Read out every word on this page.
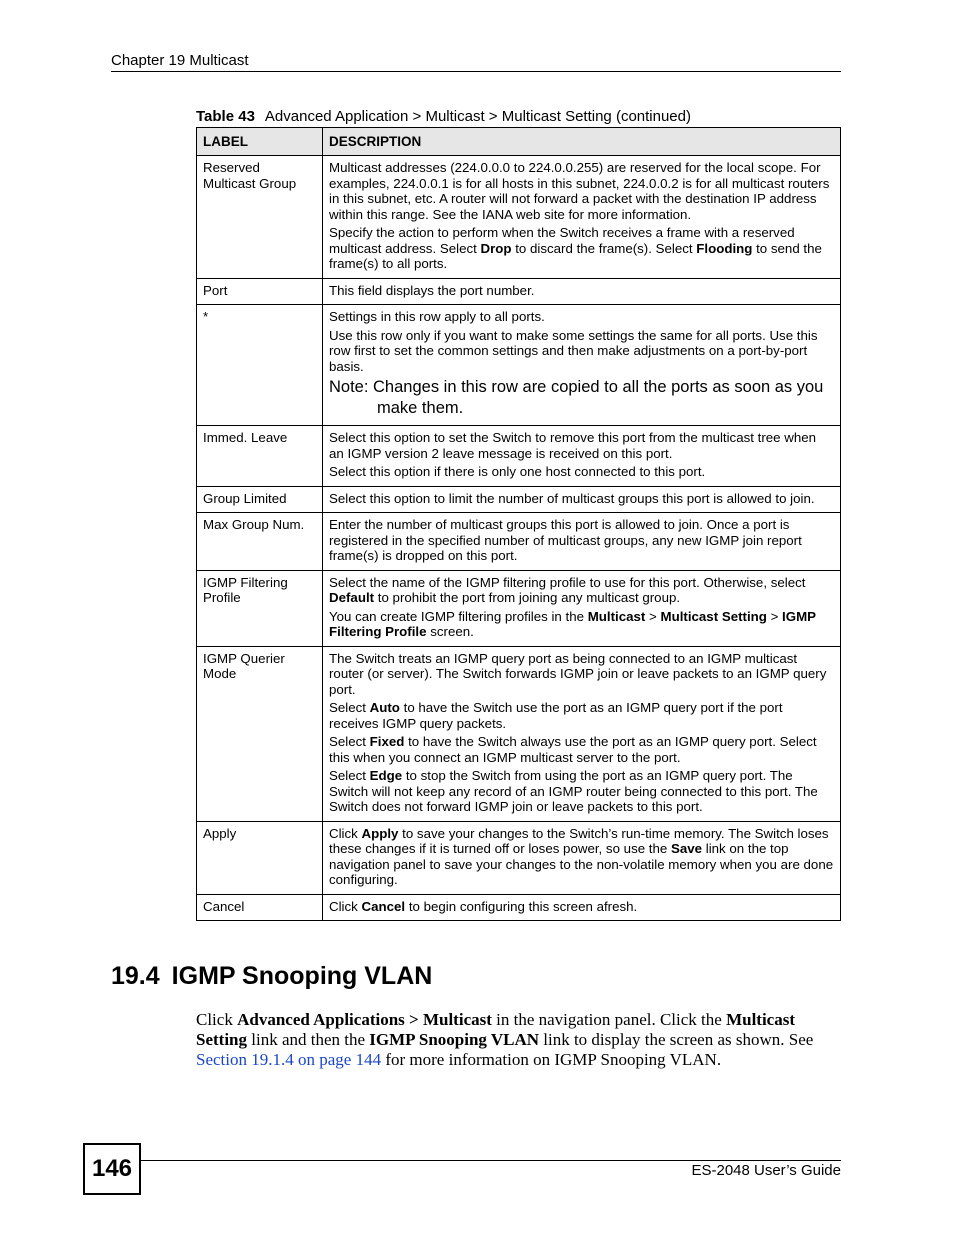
Chapter 19 Multicast
Table 43 Advanced Application > Multicast > Multicast Setting (continued)
LABEL	DESCRIPTION
Reserved Multicast Group	Multicast addresses (224.0.0.0 to 224.0.0.255) are reserved for the local scope. For examples, 224.0.0.1 is for all hosts in this subnet, 224.0.0.2 is for all multicast routers in this subnet, etc. A router will not forward a packet with the destination IP address within this range. See the IANA web site for more information.

Specify the action to perform when the Switch receives a frame with a reserved multicast address. Select Drop to discard the frame(s). Select Flooding to send the frame(s) to all ports.

Port	This field displays the port number.

*	Settings in this row apply to all ports.

Use this row only if you want to make some settings the same for all ports. Use this row first to set the common settings and then make adjustments on a port-by-port basis.

Note: Changes in this row are copied to all the ports as soon as you make them.

Immed. Leave	Select this option to set the Switch to remove this port from the multicast tree when an IGMP version 2 leave message is received on this port.

Select this option if there is only one host connected to this port.

Group Limited	Select this option to limit the number of multicast groups this port is allowed to join.

Max Group Num.	Enter the number of multicast groups this port is allowed to join. Once a port is registered in the specified number of multicast groups, any new IGMP join report frame(s) is dropped on this port.

IGMP Filtering Profile	Select the name of the IGMP filtering profile to use for this port. Otherwise, select Default to prohibit the port from joining any multicast group.

You can create IGMP filtering profiles in the Multicast > Multicast Setting > IGMP Filtering Profile screen.

IGMP Querier Mode	The Switch treats an IGMP query port as being connected to an IGMP multicast router (or server). The Switch forwards IGMP join or leave packets to an IGMP query port.

Select Auto to have the Switch use the port as an IGMP query port if the port receives IGMP query packets.

Select Fixed to have the Switch always use the port as an IGMP query port. Select this when you connect an IGMP multicast server to the port.

Select Edge to stop the Switch from using the port as an IGMP query port. The Switch will not keep any record of an IGMP router being connected to this port. The Switch does not forward IGMP join or leave packets to this port.

Apply	Click Apply to save your changes to the Switch’s run-time memory. The Switch loses these changes if it is turned off or loses power, so use the Save link on the top navigation panel to save your changes to the non-volatile memory when you are done configuring.

Cancel	Click Cancel to begin configuring this screen afresh.

19.4 IGMP Snooping VLAN
Click Advanced Applications > Multicast in the navigation panel. Click the Multicast Setting link and then the IGMP Snooping VLAN link to display the screen as shown. See Section 19.1.4 on page 144 for more information on IGMP Snooping VLAN.
146	ES-2048 User’s Guide
